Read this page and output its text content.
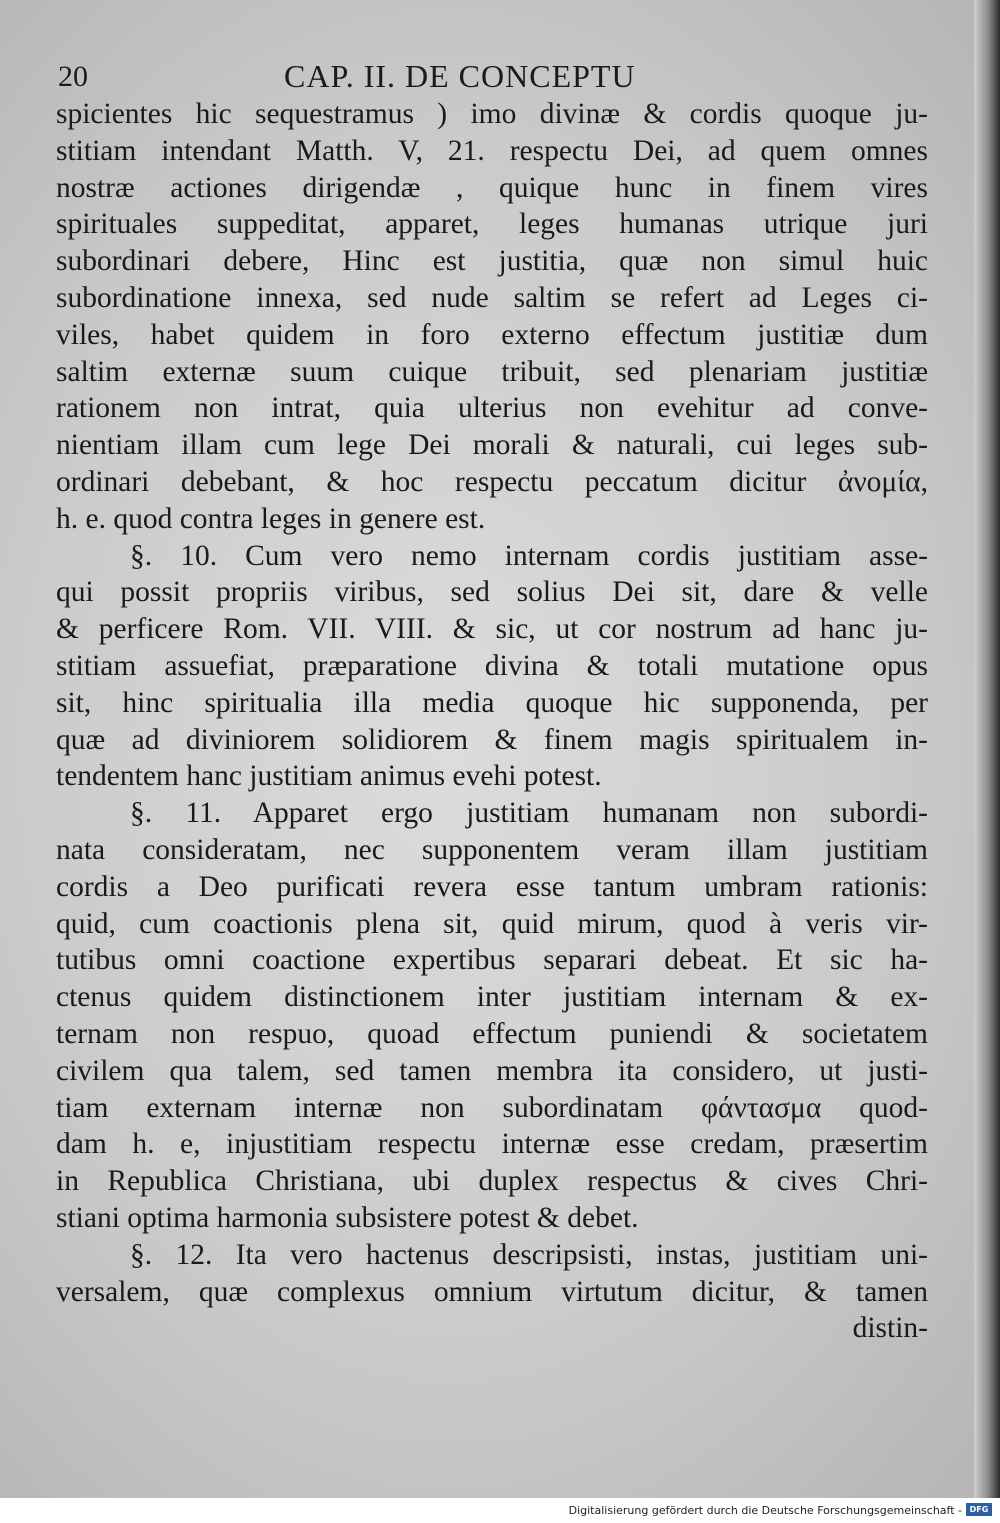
20	CAP. II. DE CONCEPTU
spicientes hic sequestramus ) imo divinæ & cordis quoque ju-
stitiam intendant Matth. V, 21. respectu Dei, ad quem omnes
nostræ actiones dirigendæ , quique hunc in finem vires
spirituales suppeditat, apparet, leges humanas utrique juri
subordinari debere, Hinc est justitia, quæ non simul huic
subordinatione innexa, sed nude saltim se refert ad Leges ci-
viles, habet quidem in foro externo effectum justitiæ dum
saltim externæ suum cuique tribuit, sed plenariam justitiæ
rationem non intrat, quia ulterius non evehitur ad conve-
nientiam illam cum lege Dei morali & naturali, cui leges sub-
ordinari debebant, & hoc respectu peccatum dicitur ἀνομία,
h. e. quod contra leges in genere est.
§. 10. Cum vero nemo internam cordis justitiam asse-
qui possit propriis viribus, sed solius Dei sit, dare & velle
& perficere Rom. VII. VIII. & sic, ut cor nostrum ad hanc ju-
stitiam assuefiat, præparatione divina & totali mutatione opus
sit, hinc spiritualia illa media quoque hic supponenda, per
quæ ad diviniorem solidiorem & finem magis spiritualem in-
tendentem hanc justitiam animus evehi potest.
§. 11. Apparet ergo justitiam humanam non subordi-
nata consideratam, nec supponentem veram illam justitiam
cordis a Deo purificati revera esse tantum umbram rationis:
quid, cum coactionis plena sit, quid mirum, quod à veris vir-
tutibus omni coactione expertibus separari debeat. Et sic ha-
ctenus quidem distinctionem inter justitiam internam & ex-
ternam non respuo, quoad effectum puniendi & societatem
civilem qua talem, sed tamen membra ita considero, ut justi-
tiam externam internæ non subordinatam φάντασμα quod-
dam h. e, injustitiam respectu internæ esse credam, præsertim
in Republica Christiana, ubi duplex respectus & cives Chri-
stiani optima harmonia subsistere potest & debet.
§. 12. Ita vero hactenus descripsisti, instas, justitiam uni-
versalem, quæ complexus omnium virtutum dicitur, & tamen
distin-
Digitalisierung gefördert durch die Deutsche Forschungsgemeinschaft - DFG
